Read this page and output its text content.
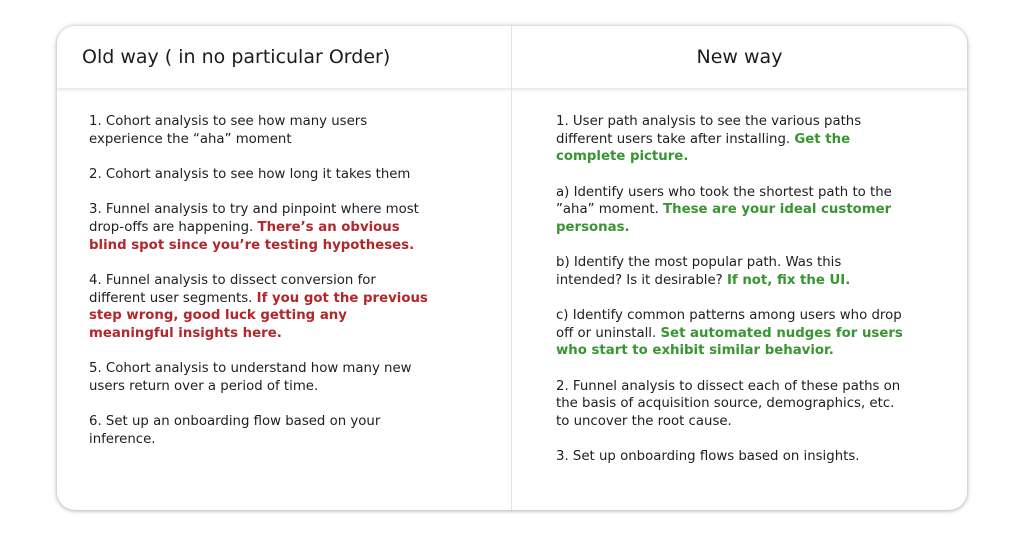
Old way ( in no particular Order)	New way

1. Cohort analysis to see how many users experience the “aha” moment

2. Cohort analysis to see how long it takes them

3. Funnel analysis to try and pinpoint where most drop-offs are happening. There’s an obvious blind spot since you’re testing hypotheses.

4. Funnel analysis to dissect conversion for different user segments. If you got the previous step wrong, good luck getting any meaningful insights here.

5. Cohort analysis to understand how many new users return over a period of time.

6. Set up an onboarding flow based on your inference.

1. User path analysis to see the various paths different users take after installing. Get the complete picture.

a) Identify users who took the shortest path to the ”aha” moment. These are your ideal customer personas.

b) Identify the most popular path. Was this intended? Is it desirable? If not, fix the UI.

c) Identify common patterns among users who drop off or uninstall. Set automated nudges for users who start to exhibit similar behavior.

2. Funnel analysis to dissect each of these paths on the basis of acquisition source, demographics, etc. to uncover the root cause.

3. Set up onboarding flows based on insights.
